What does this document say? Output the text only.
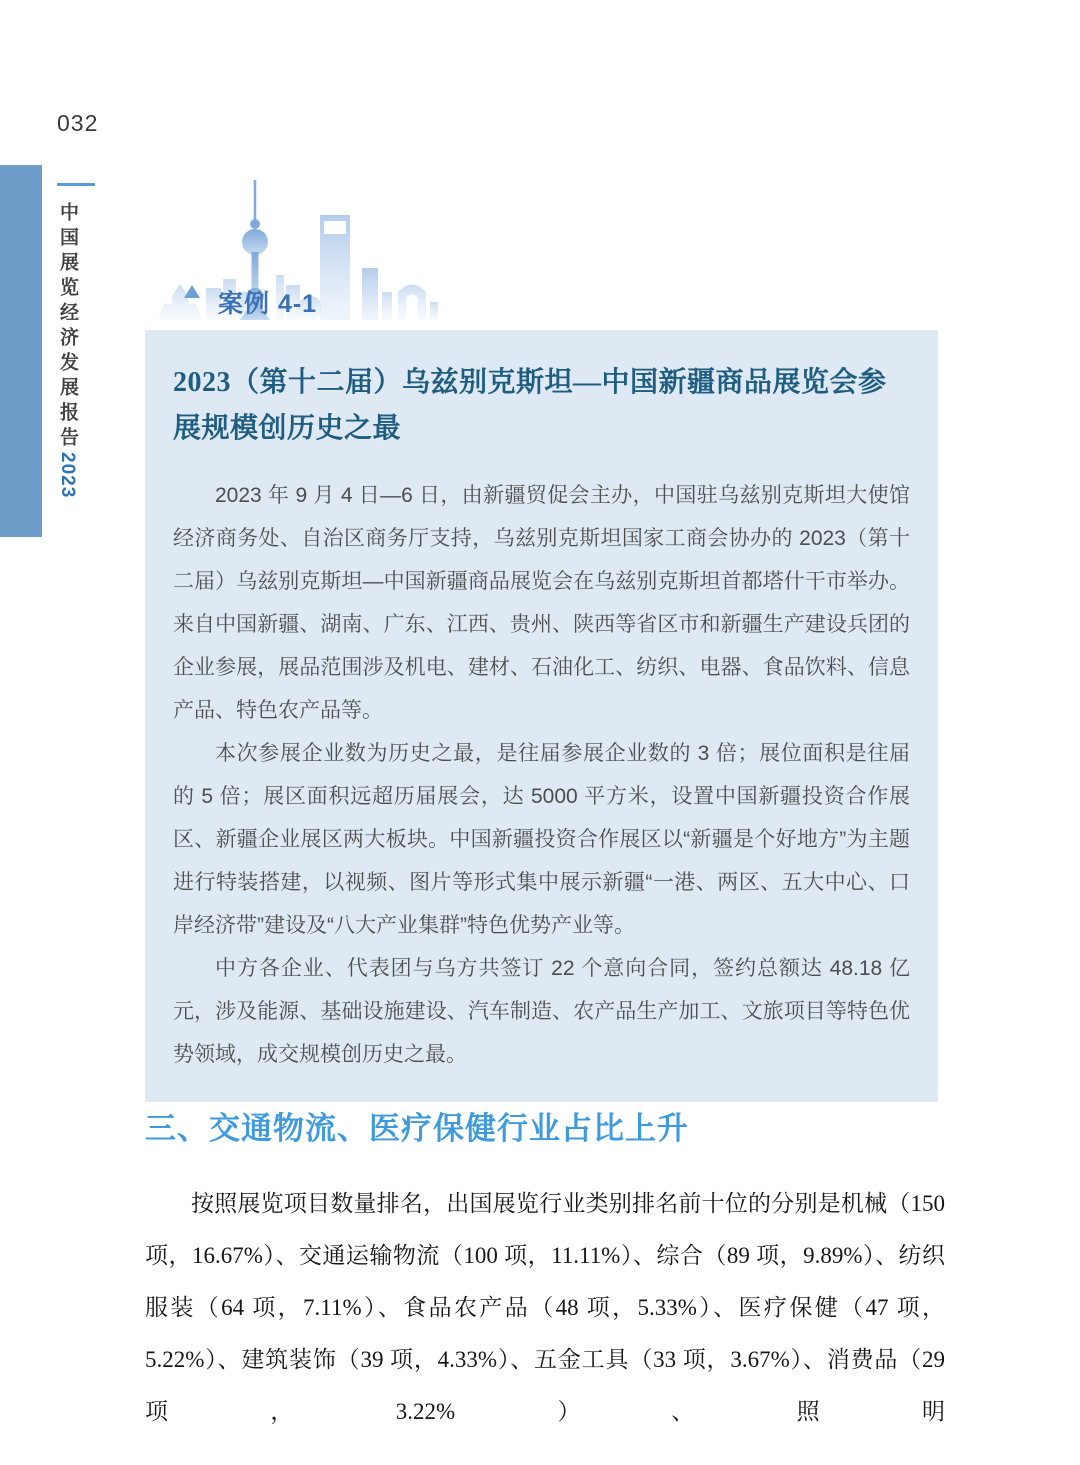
032
中国展览经济发展报告2023
案例 4-1
2023（第十二届）乌兹别克斯坦—中国新疆商品展览会参展规模创历史之最

2023 年 9 月 4 日—6 日，由新疆贸促会主办，中国驻乌兹别克斯坦大使馆经济商务处、自治区商务厅支持，乌兹别克斯坦国家工商会协办的 2023（第十二届）乌兹别克斯坦—中国新疆商品展览会在乌兹别克斯坦首都塔什干市举办。来自中国新疆、湖南、广东、江西、贵州、陕西等省区市和新疆生产建设兵团的企业参展，展品范围涉及机电、建材、石油化工、纺织、电器、食品饮料、信息产品、特色农产品等。

本次参展企业数为历史之最，是往届参展企业数的 3 倍；展位面积是往届的 5 倍；展区面积远超历届展会，达 5000 平方米，设置中国新疆投资合作展区、新疆企业展区两大板块。中国新疆投资合作展区以“新疆是个好地方”为主题进行特装搭建，以视频、图片等形式集中展示新疆“一港、两区、五大中心、口岸经济带”建设及“八大产业集群”特色优势产业等。

中方各企业、代表团与乌方共签订 22 个意向合同，签约总额达 48.18 亿元，涉及能源、基础设施建设、汽车制造、农产品生产加工、文旅项目等特色优势领域，成交规模创历史之最。

三、交通物流、医疗保健行业占比上升
按照展览项目数量排名，出国展览行业类别排名前十位的分别是机械（150 项，16.67%）、交通运输物流（100 项，11.11%）、综合（89 项，9.89%）、纺织服装（64 项，7.11%）、食品农产品（48 项，5.33%）、医疗保健（47 项，5.22%）、建筑装饰（39 项，4.33%）、五金工具（33 项，3.67%）、消费品（29 项，3.22%）、照明
